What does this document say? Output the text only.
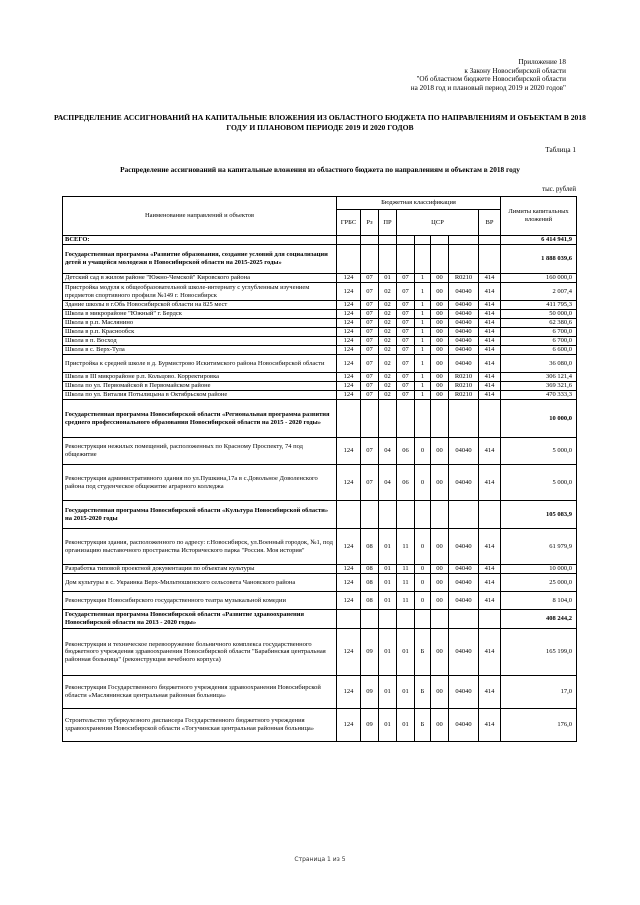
Приложение 18
к Закону Новосибирской области
"Об областном бюджете Новосибирской области
на 2018 год и плановый период 2019 и 2020 годов"
РАСПРЕДЕЛЕНИЕ АССИГНОВАНИЙ НА КАПИТАЛЬНЫЕ ВЛОЖЕНИЯ ИЗ ОБЛАСТНОГО БЮДЖЕТА ПО НАПРАВЛЕНИЯМ И ОБЪЕКТАМ В 2018 ГОДУ И ПЛАНОВОМ ПЕРИОДЕ 2019 И 2020 ГОДОВ
Таблица 1
Распределение ассигнований на капитальные вложения из областного бюджета по направлениям и объектам в 2018 году
тыс. рублей
Наименование направлений и объектов	Бюджетная классификация								Лимиты капитальных вложений
	ГРБС	Рз	ПР	ЦСР				ВР	
ВСЕГО:									6 414 941,9
Государственная программа «Развитие образования, создание условий для социализации детей и учащейся молодежи в Новосибирской области на 2015-2025 годы»									1 888 039,6
Детский сад в жилом районе "Южно-Чемской" Кировского района	124	07	01	07	1	00	R0210	414	160 000,0
Пристройка модуля к общеобразовательной школе-интернату с углубленным изучением предметов спортивного профиля №149 г. Новосибирск	124	07	02	07	1	00	04040	414	2 007,4
Здание школы в г.Обь Новосибирской области на 825 мест	124	07	02	07	1	00	04040	414	411 795,3
Школа в микрорайоне "Южный" г. Бердск	124	07	02	07	1	00	04040	414	50 000,0
Школа в р.п. Маслянино	124	07	02	07	1	00	04040	414	62 380,6
Школа в р.п. Краснообск	124	07	02	07	1	00	04040	414	6 700,0
Школа в п. Восход	124	07	02	07	1	00	04040	414	6 700,0
Школа в с. Верх-Тула	124	07	02	07	1	00	04040	414	6 600,0
Пристройка к средней школе в д. Бурмистрово Искитимского района Новосибирской области	124	07	02	07	1	00	04040	414	36 080,0
Школа в III микрорайоне р.п. Кольцово. Корректировка	124	07	02	07	1	00	R0210	414	306 121,4
Школа по ул. Первомайской в Первомайском районе	124	07	02	07	1	00	R0210	414	369 321,6
Школа по ул. Виталия Потылицына в Октябрьском районе	124	07	02	07	1	00	R0210	414	470 333,3
Государственная программа Новосибирской области «Региональная программа развития среднего профессионального образования Новосибирской области на 2015 - 2020 годы»									10 000,0
Реконструкция нежилых помещений, расположенных по Красному Проспекту, 74 под общежитие	124	07	04	06	0	00	04040	414	5 000,0
Реконструкция административного здания по ул.Пушкина,17а в с.Довольное Доволенского района под студенческое общежитие аграрного колледжа	124	07	04	06	0	00	04040	414	5 000,0
Государственная программа Новосибирской области «Культура Новосибирской области» на 2015-2020 годы									105 083,9
Реконструкция здания, расположенного по адресу: г.Новосибирск, ул.Военный городок, №1, под организацию выставочного пространства Исторического парка "Россия. Моя история"	124	08	01	11	0	00	04040	414	61 979,9
Разработка типовой проектной документации по объектам культуры	124	08	01	11	0	00	04040	414	10 000,0
Дом культуры в с. Укрaинка Верх-Мильтюшинского сельсовета Чановского района	124	08	01	11	0	00	04040	414	25 000,0
Реконструкция Новосибирского государственного театра музыкальной комедии	124	08	01	11	0	00	04040	414	8 104,0
Государственная программа Новосибирской области «Развитие здравоохранения Новосибирской области на 2013 - 2020 годы»									408 244,2
Реконструкция и техническое перевооружение больничного комплекса государственного бюджетного учреждения здравоохранения Новосибирской области "Барабинская центральная районная больница" (реконструкция вечебного корпуса)	124	09	01	01	Б	00	04040	414	165 199,0
Реконструкция Государственного бюджетного учреждения здравоохранения Новосибирской области «Маслянинская центральная районная больница»	124	09	01	01	Б	00	04040	414	17,0
Строительство туберкулезного диспансера Государственного бюджетного учреждения здравоохранения Новосибирской области «Тогучинская центральная районная больница»	124	09	01	01	Б	00	04040	414	176,0
Страница 1 из 5
